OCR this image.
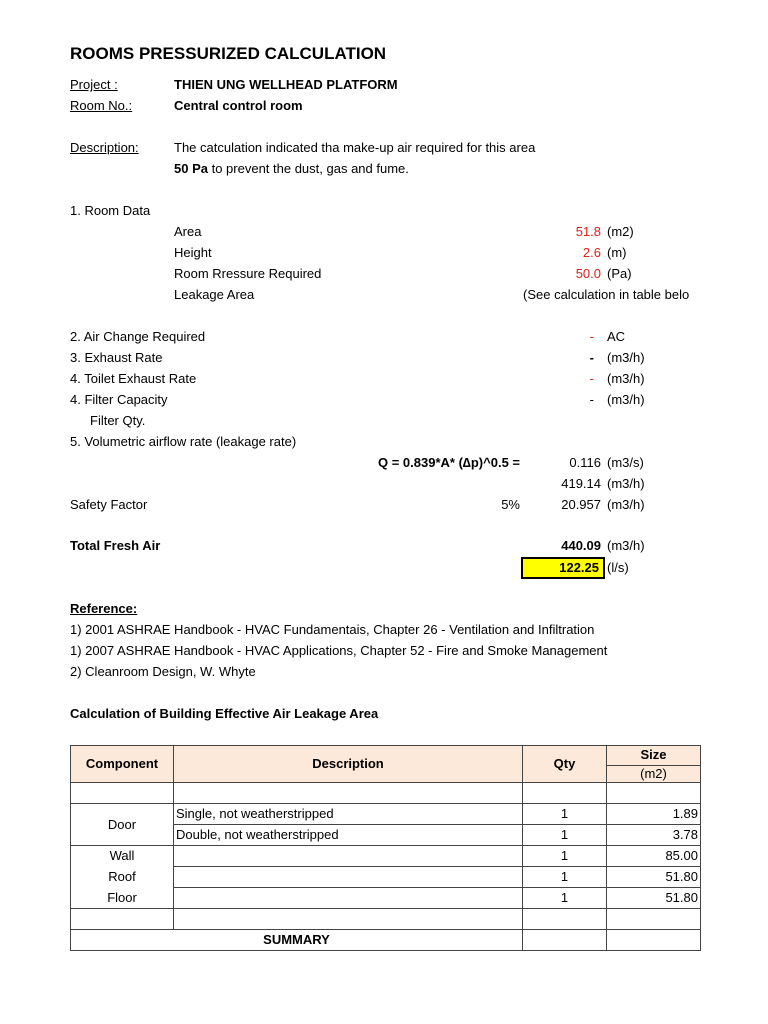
ROOMS PRESSURIZED CALCULATION
Project :	THIEN UNG WELLHEAD PLATFORM
Room No.:	Central control room
Description:	The catculation indicated tha make-up air required for this area
50 Pa to prevent the dust, gas and fume.
1. Room Data
Area	51.8 (m2)
Height	2.6 (m)
Room Rressure Required	50.0 (Pa)
Leakage Area	(See calculation in table belo
2. Air Change Required	- AC
3. Exhaust Rate	- (m3/h)
4. Toilet Exhaust Rate	- (m3/h)
4. Filter Capacity	- (m3/h)
Filter Qty.
5. Volumetric airflow rate (leakage rate)
Q = 0.839*A* (∆p)^0.5 =	0.116 (m3/s)
419.14 (m3/h)
Safety Factor	5%	20.957 (m3/h)
Total Fresh Air	440.09 (m3/h)
122.25 (l/s)
Reference:
1) 2001 ASHRAE Handbook - HVAC Fundamentais, Chapter 26 - Ventilation and Infiltration
1) 2007 ASHRAE Handbook - HVAC Applications, Chapter 52 - Fire and Smoke Management
2) Cleanroom Design, W. Whyte
Calculation of Building Effective Air Leakage Area
Component	Description	Qty	Size
			(m2)

Door	Single, not weatherstripped	1	1.89
	Double, not weatherstripped	1	3.78
Wall		1	85.00
Roof		1	51.80
Floor		1	51.80

SUMMARY			
